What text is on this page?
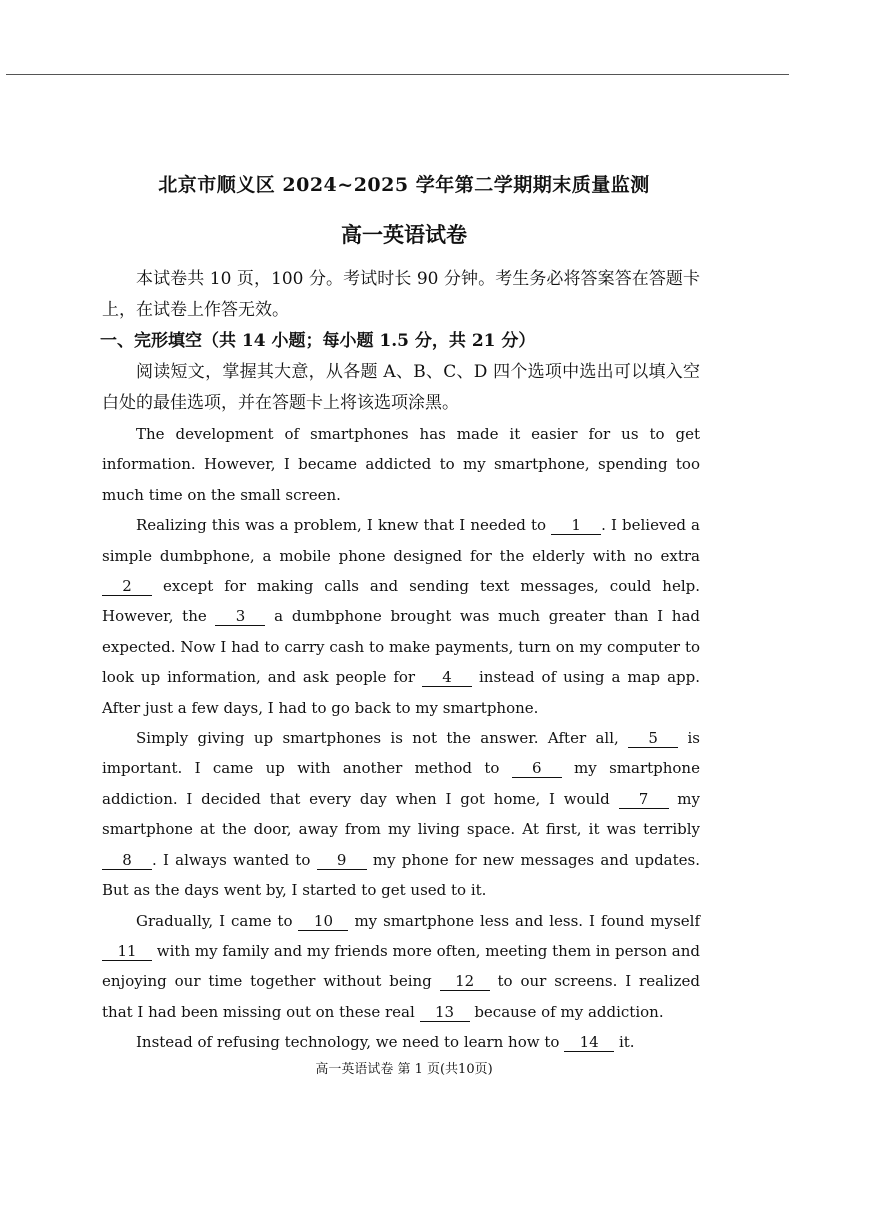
北京市顺义区 2024~2025 学年第二学期期末质量监测
高一英语试卷

本试卷共 10 页，100 分。考试时长 90 分钟。考生务必将答案答在答题卡上，在试卷上作答无效。

一、完形填空（共 14 小题；每小题 1.5 分，共 21 分）

阅读短文，掌握其大意，从各题 A、B、C、D 四个选项中选出可以填入空白处的最佳选项，并在答题卡上将该选项涂黑。

The development of smartphones has made it easier for us to get information. However, I became addicted to my smartphone, spending too much time on the small screen.

Realizing this was a problem, I knew that I needed to 1 . I believed a simple dumbphone, a mobile phone designed for the elderly with no extra 2 except for making calls and sending text messages, could help. However, the 3 a dumbphone brought was much greater than I had expected. Now I had to carry cash to make payments, turn on my computer to look up information, and ask people for 4 instead of using a map app. After just a few days, I had to go back to my smartphone.

Simply giving up smartphones is not the answer. After all, 5 is important. I came up with another method to 6 my smartphone addiction. I decided that every day when I got home, I would 7 my smartphone at the door, away from my living space. At first, it was terribly 8 . I always wanted to 9 my phone for new messages and updates. But as the days went by, I started to get used to it.

Gradually, I came to 10 my smartphone less and less. I found myself 11 with my family and my friends more often, meeting them in person and enjoying our time together without being 12 to our screens. I realized that I had been missing out on these real 13 because of my addiction.

Instead of refusing technology, we need to learn how to 14 it.

高一英语试卷 第 1 页(共10页)
